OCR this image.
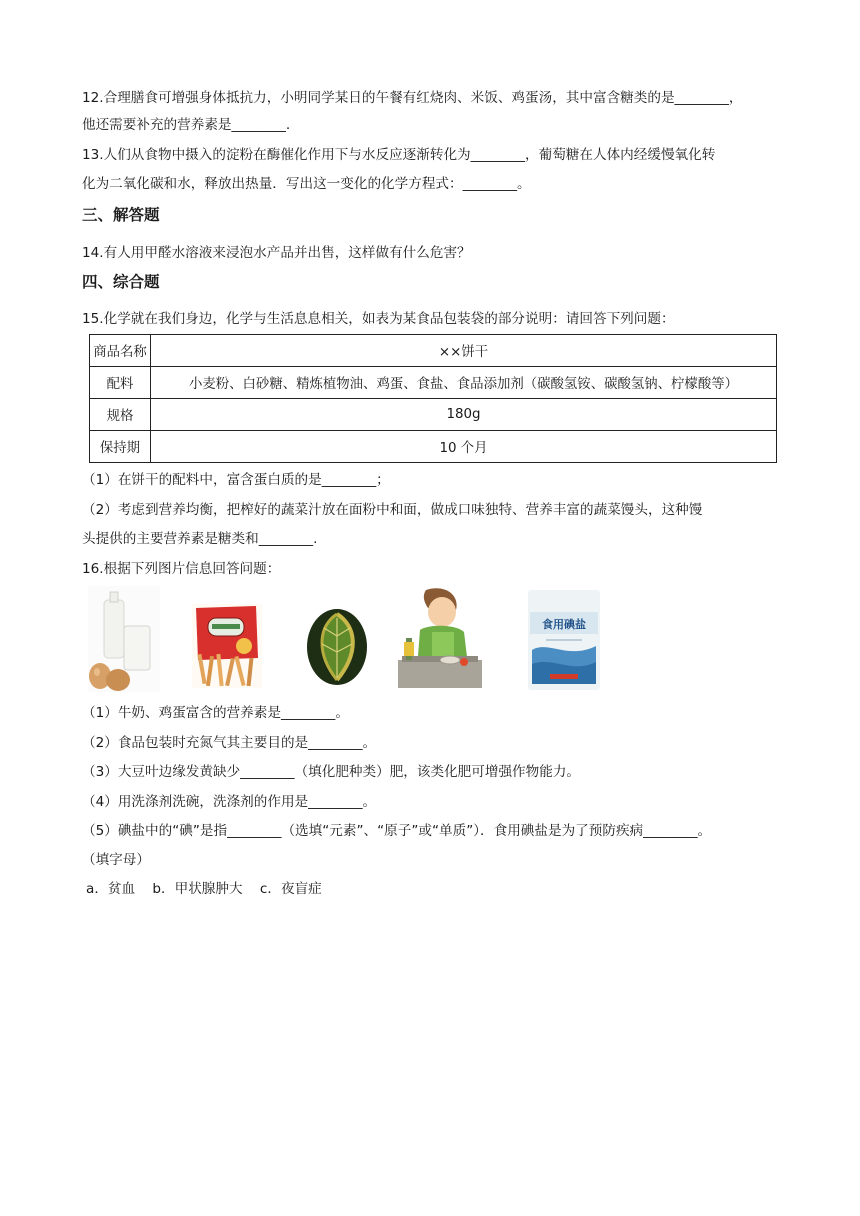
12.合理膳食可增强身体抵抗力，小明同学某日的午餐有红烧肉、米饭、鸡蛋汤，其中富含糖类的是________，
他还需要补充的营养素是________.
13.人们从食物中摄入的淀粉在酶催化作用下与水反应逐渐转化为________，葡萄糖在人体内经缓慢氧化转
化为二氧化碳和水，释放出热量．写出这一变化的化学方程式：________。
三、解答题
14.有人用甲醛水溶液来浸泡水产品并出售，这样做有什么危害？
四、综合题
15.化学就在我们身边，化学与生活息息相关，如表为某食品包装袋的部分说明：请回答下列问题：
商品名称	××饼干
配料	小麦粉、白砂糖、精炼植物油、鸡蛋、食盐、食品添加剂（碳酸氢铵、碳酸氢钠、柠檬酸等）
规格	180g
保持期	10 个月
（1）在饼干的配料中，富含蛋白质的是________；
（2）考虑到营养均衡，把榨好的蔬菜汁放在面粉中和面，做成口味独特、营养丰富的蔬菜馒头，这种馒
头提供的主要营养素是糖类和________.
16.根据下列图片信息回答问题：
食用碘盐
（1）牛奶、鸡蛋富含的营养素是________。
（2）食品包装时充氮气其主要目的是________。
（3）大豆叶边缘发黄缺少________（填化肥种类）肥，该类化肥可增强作物能力。
（4）用洗涤剂洗碗，洗涤剂的作用是________。
（5）碘盐中的“碘”是指________（选填“元素”、“原子”或“单质”）．食用碘盐是为了预防疾病________。
（填字母）
a．贫血    b．甲状腺肿大    c．夜盲症
